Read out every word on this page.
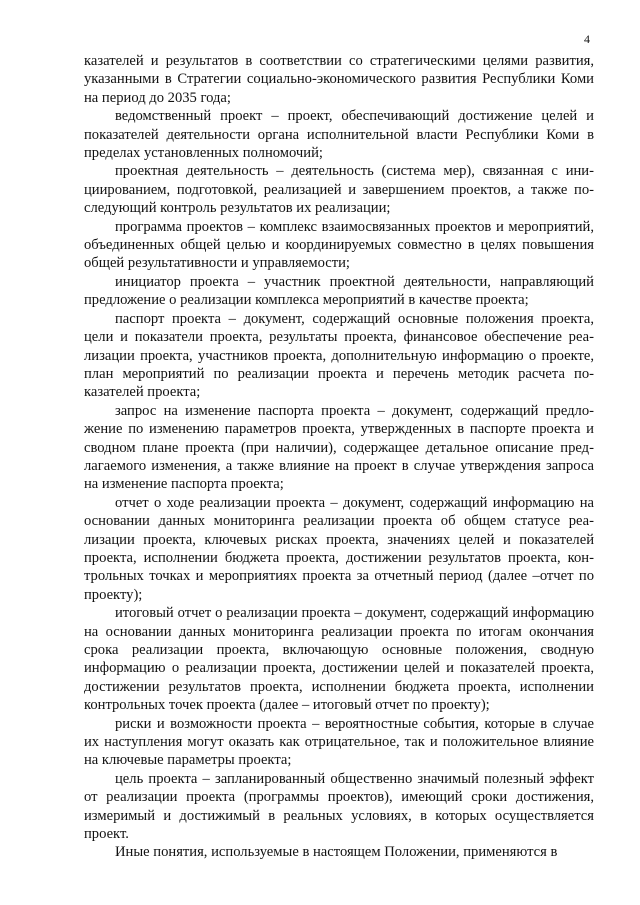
4

казателей и результатов в соответствии со стратегическими целями развития, указанными в Стратегии социально-экономического развития Республики Коми на период до 2035 года;

ведомственный проект – проект, обеспечивающий достижение целей и показателей деятельности органа исполнительной власти Республики Коми в пределах установленных полномочий;

проектная деятельность – деятельность (система мер), связанная с инициированием, подготовкой, реализацией и завершением проектов, а также последующий контроль результатов их реализации;

программа проектов – комплекс взаимосвязанных проектов и мероприятий, объединенных общей целью и координируемых совместно в целях повышения общей результативности и управляемости;

инициатор проекта – участник проектной деятельности, направляющий предложение о реализации комплекса мероприятий в качестве проекта;

паспорт проекта – документ, содержащий основные положения проекта, цели и показатели проекта, результаты проекта, финансовое обеспечение реализации проекта, участников проекта, дополнительную информацию о проекте, план мероприятий по реализации проекта и перечень методик расчета показателей проекта;

запрос на изменение паспорта проекта – документ, содержащий предложение по изменению параметров проекта, утвержденных в паспорте проекта и сводном плане проекта (при наличии), содержащее детальное описание предлагаемого изменения, а также влияние на проект в случае утверждения запроса на изменение паспорта проекта;

отчет о ходе реализации проекта – документ, содержащий информацию на основании данных мониторинга реализации проекта об общем статусе реализации проекта, ключевых рисках проекта, значениях целей и показателей проекта, исполнении бюджета проекта, достижении результатов проекта, контрольных точках и мероприятиях проекта за отчетный период (далее –отчет по проекту);

итоговый отчет о реализации проекта – документ, содержащий информацию на основании данных мониторинга реализации проекта по итогам окончания срока реализации проекта, включающую основные положения, сводную информацию о реализации проекта, достижении целей и показателей проекта, достижении результатов проекта, исполнении бюджета проекта, исполнении контрольных точек проекта (далее – итоговый отчет по проекту);

риски и возможности проекта – вероятностные события, которые в случае их наступления могут оказать как отрицательное, так и положительное влияние на ключевые параметры проекта;

цель проекта – запланированный общественно значимый полезный эффект от реализации проекта (программы проектов), имеющий сроки достижения, измеримый и достижимый в реальных условиях, в которых осуществляется проект.

Иные понятия, используемые в настоящем Положении, применяются в
